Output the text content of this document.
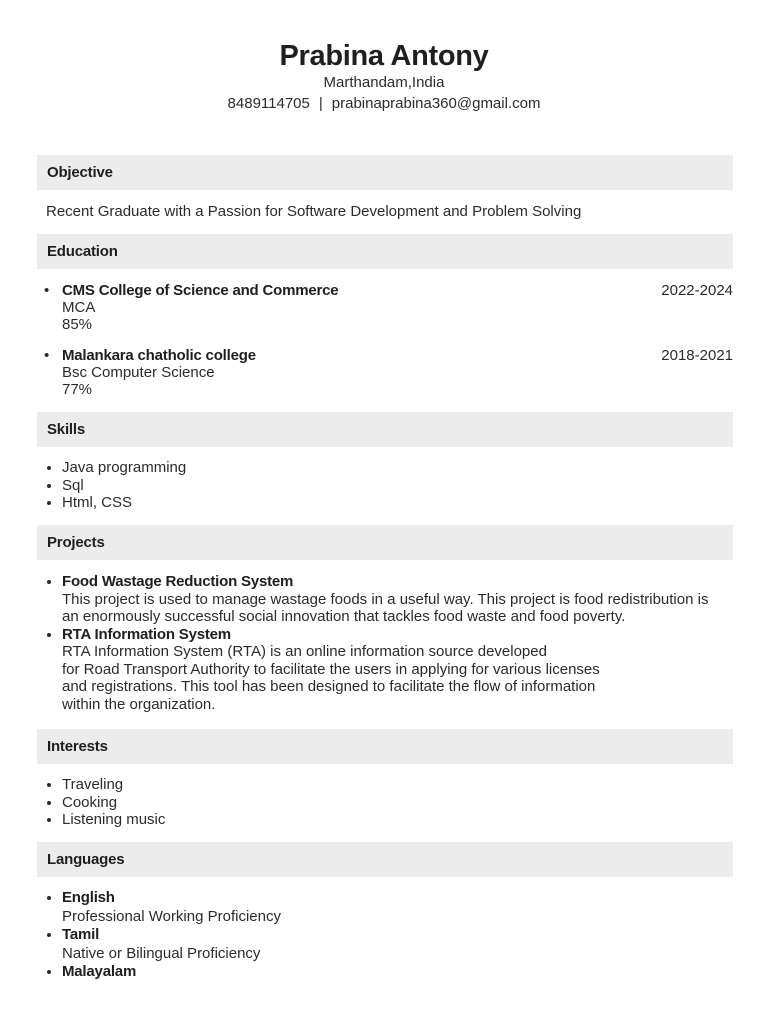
Prabina Antony
Marthandam,India
8489114705 | prabinaprabina360@gmail.com
Objective
Recent Graduate with a Passion for Software Development and Problem Solving
Education
• CMS College of Science and Commerce
MCA
85%
2022-2024
• Malankara chatholic college
Bsc Computer Science
77%
2018-2021
Skills
• Java programming
• Sql
• Html, CSS
Projects
• Food Wastage Reduction System
This project is used to manage wastage foods in a useful way. This project is food redistribution is
an enormously successful social innovation that tackles food waste and food poverty.
• RTA Information System
RTA Information System (RTA) is an online information source developed
for Road Transport Authority to facilitate the users in applying for various licenses
and registrations. This tool has been designed to facilitate the flow of information
within the organization.
Interests
• Traveling
• Cooking
• Listening music
Languages
• English
Professional Working Proficiency
• Tamil
Native or Bilingual Proficiency
• Malayalam
